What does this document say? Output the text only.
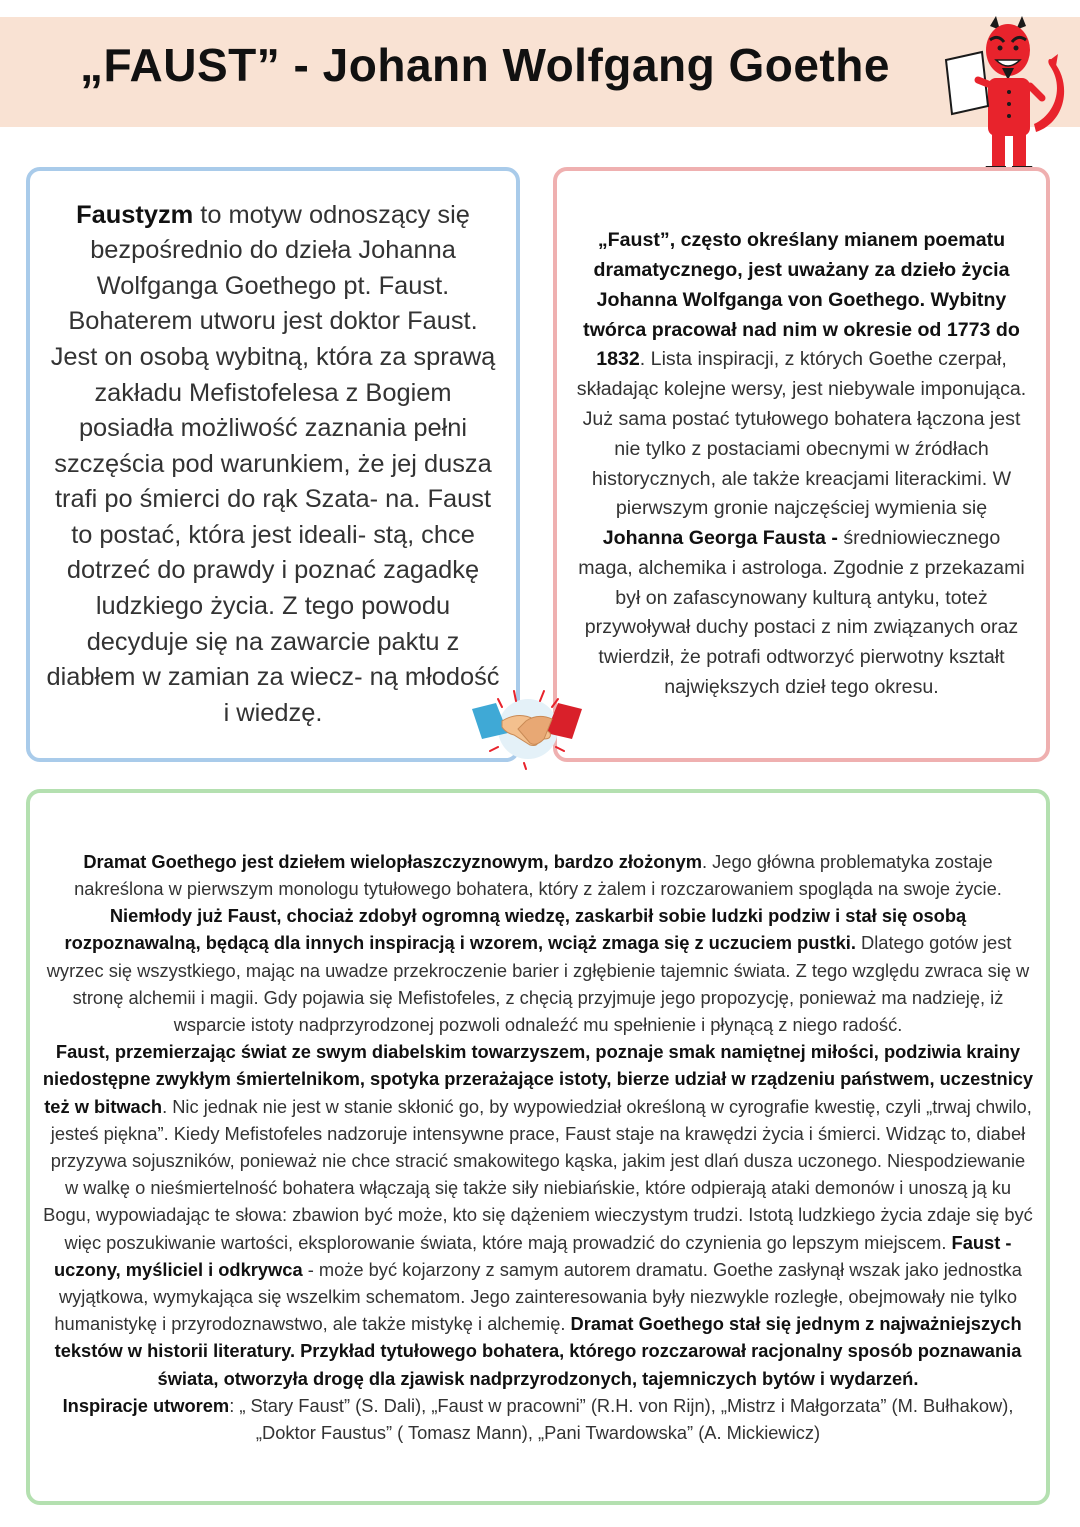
„FAUST” - Johann Wolfgang Goethe

Faustyzm to motyw odnoszący się bezpośrednio do dzieła Johanna Wolfganga Goethego pt. Faust. Bohaterem utworu jest doktor Faust. Jest on osobą wybitną, która za sprawą zakładu Mefistofelesa z Bogiem posiadła możliwość zaznania pełni szczęścia pod warunkiem, że jej dusza trafi po śmierci do rąk Szata- na. Faust to postać, która jest ideali- stą, chce dotrzeć do prawdy i poznać zagadkę ludzkiego życia. Z tego powodu decyduje się na zawarcie paktu z diabłem w zamian za wiecz- ną młodość i wiedzę.

„Faust”, często określany mianem poematu dramatycznego, jest uważany za dzieło życia Johanna Wolfganga von Goethego. Wybitny twórca pracował nad nim w okresie od 1773 do 1832. Lista inspiracji, z których Goethe czerpał, składając kolejne wersy, jest niebywale imponująca. Już sama postać tytułowego bohatera łączona jest nie tylko z postaciami obecnymi w źródłach historycznych, ale także kreacjami literackimi. W pierwszym gronie najczęściej wymienia się Johanna Georga Fausta - średniowiecznego maga, alchemika i astrologa. Zgodnie z przekazami był on zafascynowany kulturą antyku, toteż przywoływał duchy postaci z nim związanych oraz twierdził, że potrafi odtworzyć pierwotny kształt największych dzieł tego okresu.

Dramat Goethego jest dziełem wielopłaszczyznowym, bardzo złożonym. Jego główna problematyka zostaje nakreślona w pierwszym monologu tytułowego bohatera, który z żalem i rozczarowaniem spogląda na swoje życie. Niemłody już Faust, chociaż zdobył ogromną wiedzę, zaskarbił sobie ludzki podziw i stał się osobą rozpoznawalną, będącą dla innych inspiracją i wzorem, wciąż zmaga się z uczuciem pustki. Dlatego gotów jest wyrzec się wszystkiego, mając na uwadze przekroczenie barier i zgłębienie tajemnic świata. Z tego względu zwraca się w stronę alchemii i magii. Gdy pojawia się Mefistofeles, z chęcią przyjmuje jego propozycję, ponieważ ma nadzieję, iż wsparcie istoty nadprzyrodzonej pozwoli odnaleźć mu spełnienie i płynącą z niego radość.

Faust, przemierzając świat ze swym diabelskim towarzyszem, poznaje smak namiętnej miłości, podziwia krainy niedostępne zwykłym śmiertelnikom, spotyka przerażające istoty, bierze udział w rządzeniu państwem, uczestnicy też w bitwach. Nic jednak nie jest w stanie skłonić go, by wypowiedział określoną w cyrografie kwestię, czyli „trwaj chwilo, jesteś piękna”. Kiedy Mefistofeles nadzoruje intensywne prace, Faust staje na krawędzi życia i śmierci. Widząc to, diabeł przyzywa sojuszników, ponieważ nie chce stracić smakowitego kąska, jakim jest dlań dusza uczonego. Niespodziewanie w walkę o nieśmiertelność bohatera włączają się także siły niebiańskie, które odpierają ataki demonów i unoszą ją ku Bogu, wypowiadając te słowa: zbawion być może, kto się dążeniem wieczystym trudzi. Istotą ludzkiego życia zdaje się być więc poszukiwanie wartości, eksplorowanie świata, które mają prowadzić do czynienia go lepszym miejscem. Faust - uczony, myśliciel i odkrywca - może być kojarzony z samym autorem dramatu. Goethe zasłynął wszak jako jednostka wyjątkowa, wymykająca się wszelkim schematom. Jego zainteresowania były niezwykle rozległe, obejmowały nie tylko humanistykę i przyrodoznawstwo, ale także mistykę i alchemię. Dramat Goethego stał się jednym z najważniejszych tekstów w historii literatury. Przykład tytułowego bohatera, którego rozczarował racjonalny sposób poznawania świata, otworzyła drogę dla zjawisk nadprzyrodzonych, tajemniczych bytów i wydarzeń.

Inspiracje utworem: „ Stary Faust” (S. Dali), „Faust w pracowni” (R.H. von Rijn), „Mistrz i Małgorzata” (M. Bułhakow), „Doktor Faustus” ( Tomasz Mann), „Pani Twardowska” (A. Mickiewicz)
